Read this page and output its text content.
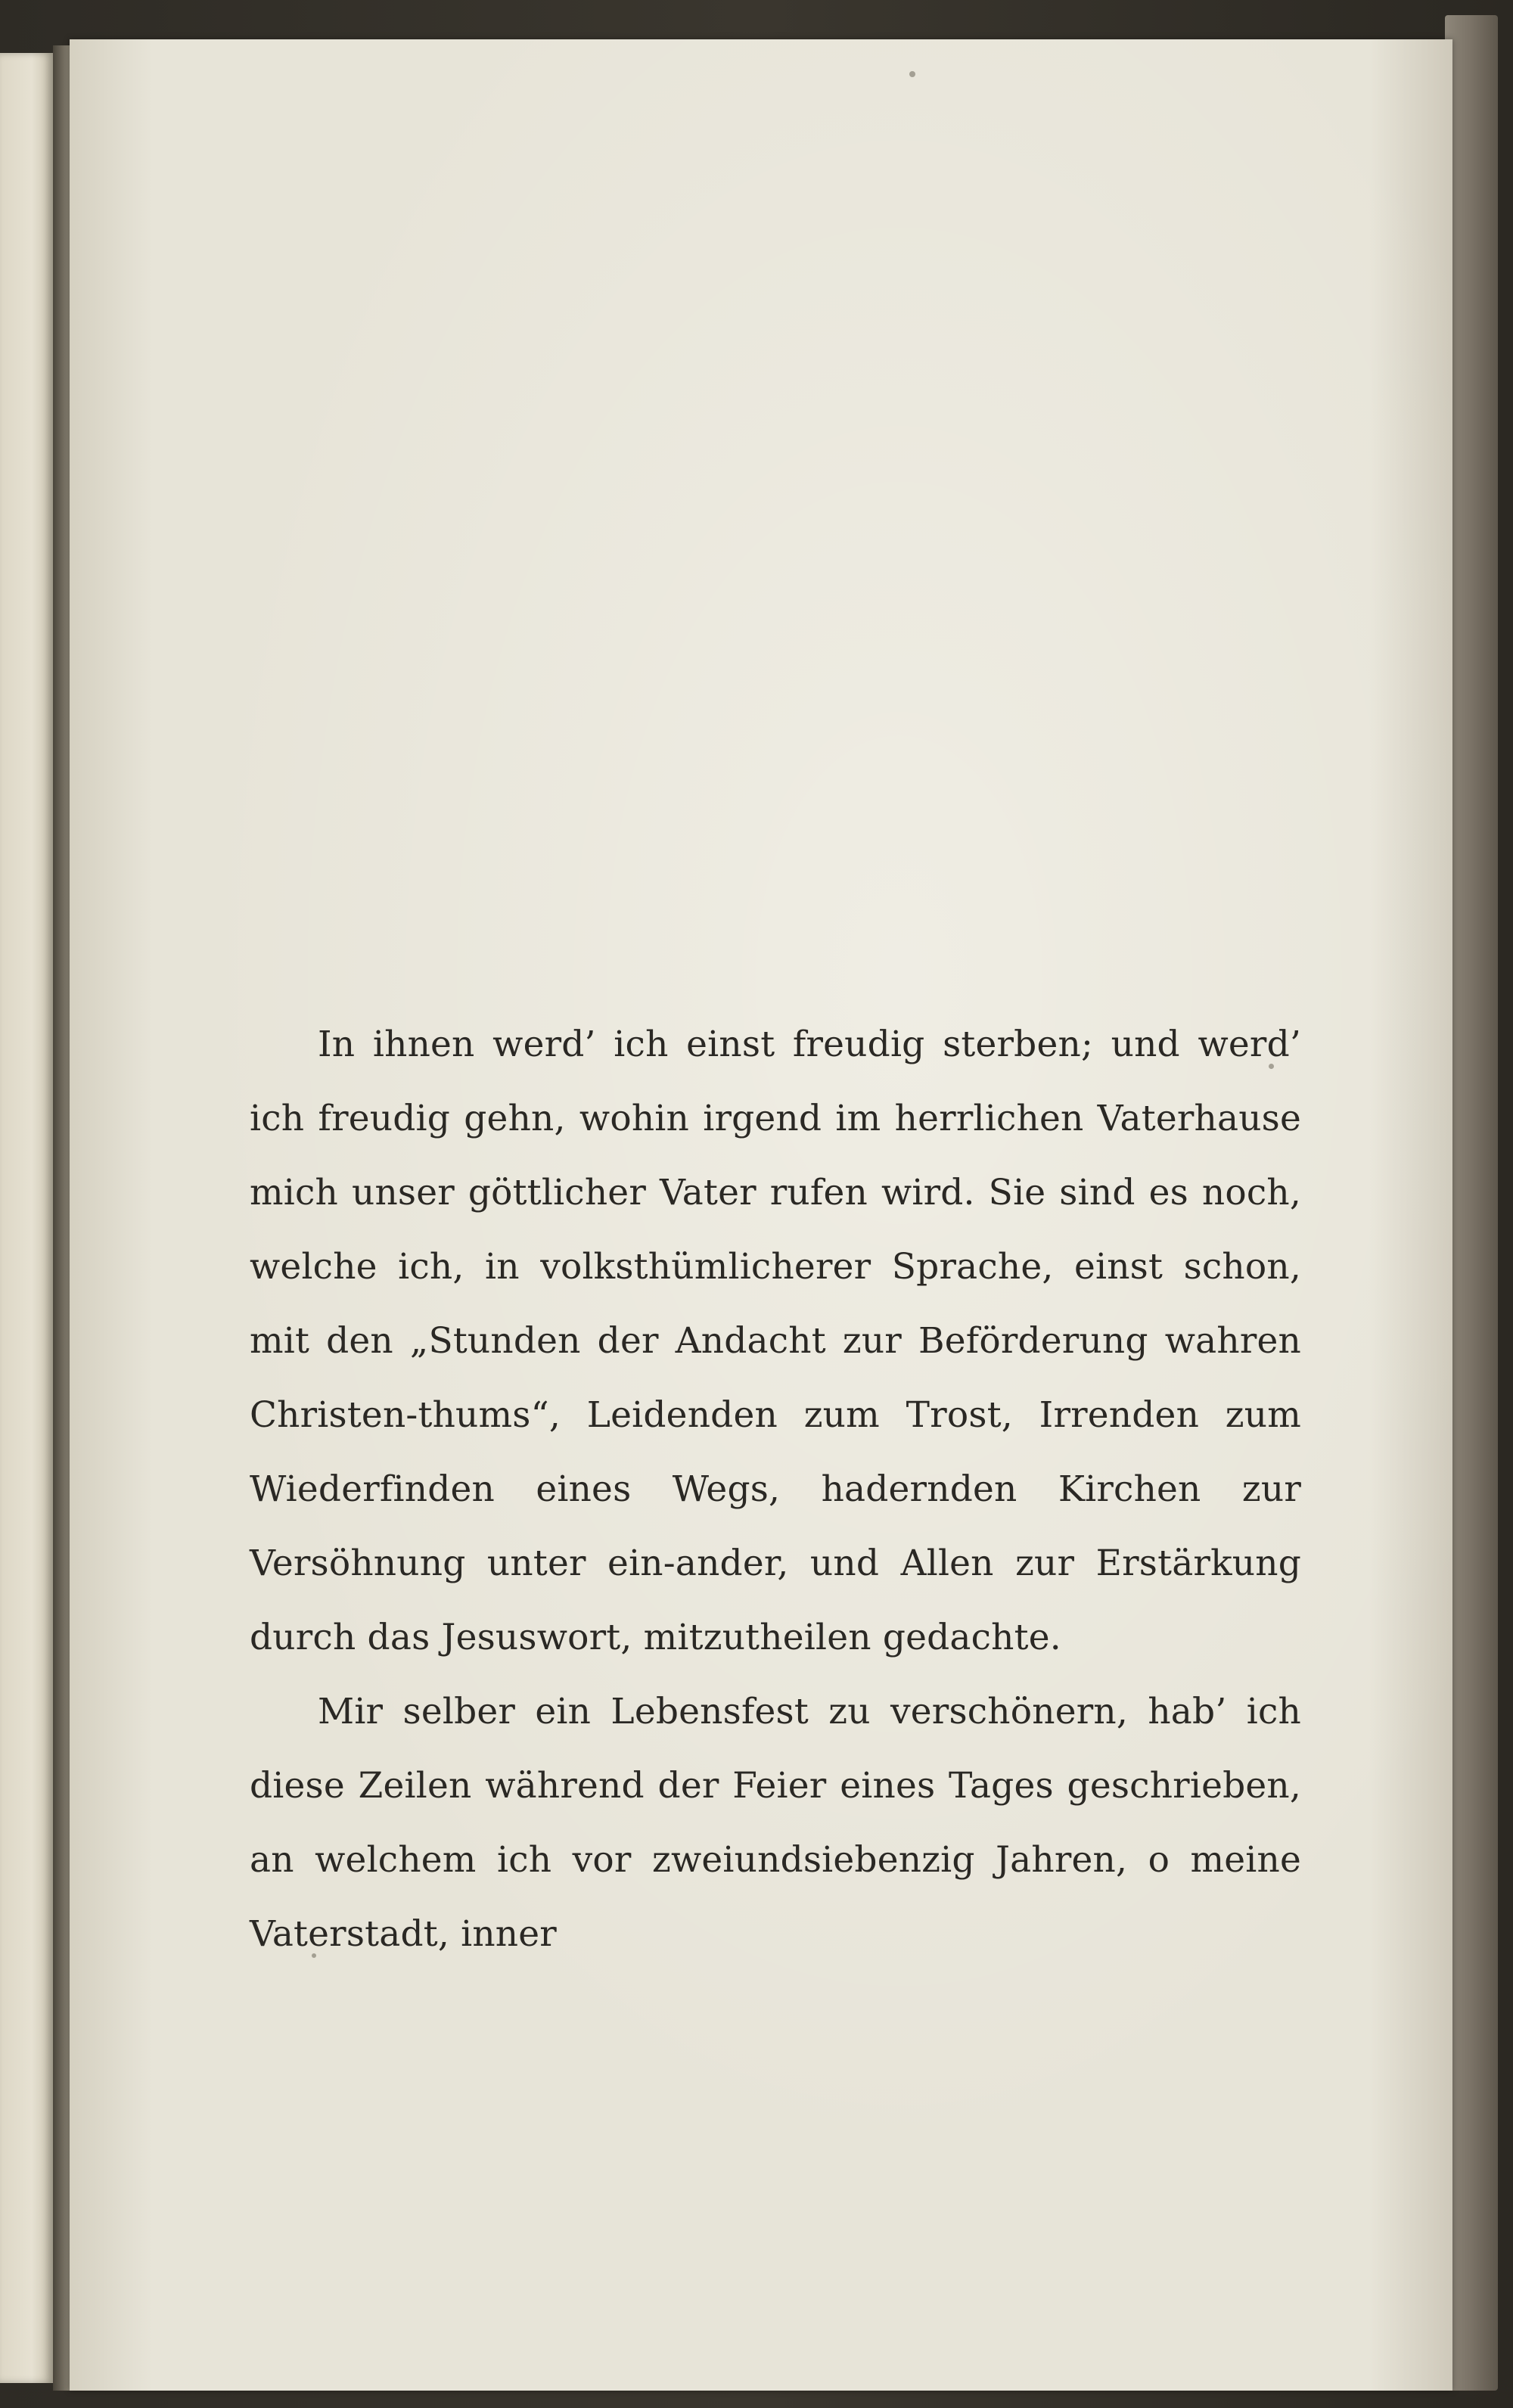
In ihnen werd’ ich einst freudig sterben; und werd’ ich freudig gehn, wohin irgend im herrlichen Vaterhause mich unser göttlicher Vater rufen wird. Sie sind es noch, welche ich, in volksthümlicherer Sprache, einst schon, mit den „Stunden der Andacht zur Beförderung wahren Christen-thums“, Leidenden zum Trost, Irrenden zum Wiederfinden eines Wegs, hadernden Kirchen zur Versöhnung unter ein-ander, und Allen zur Erstärkung durch das Jesuswort, mitzutheilen gedachte.

Mir selber ein Lebensfest zu verschönern, hab’ ich diese Zeilen während der Feier eines Tages geschrieben, an welchem ich vor zweiundsiebenzig Jahren, o meine Vaterstadt, inner
